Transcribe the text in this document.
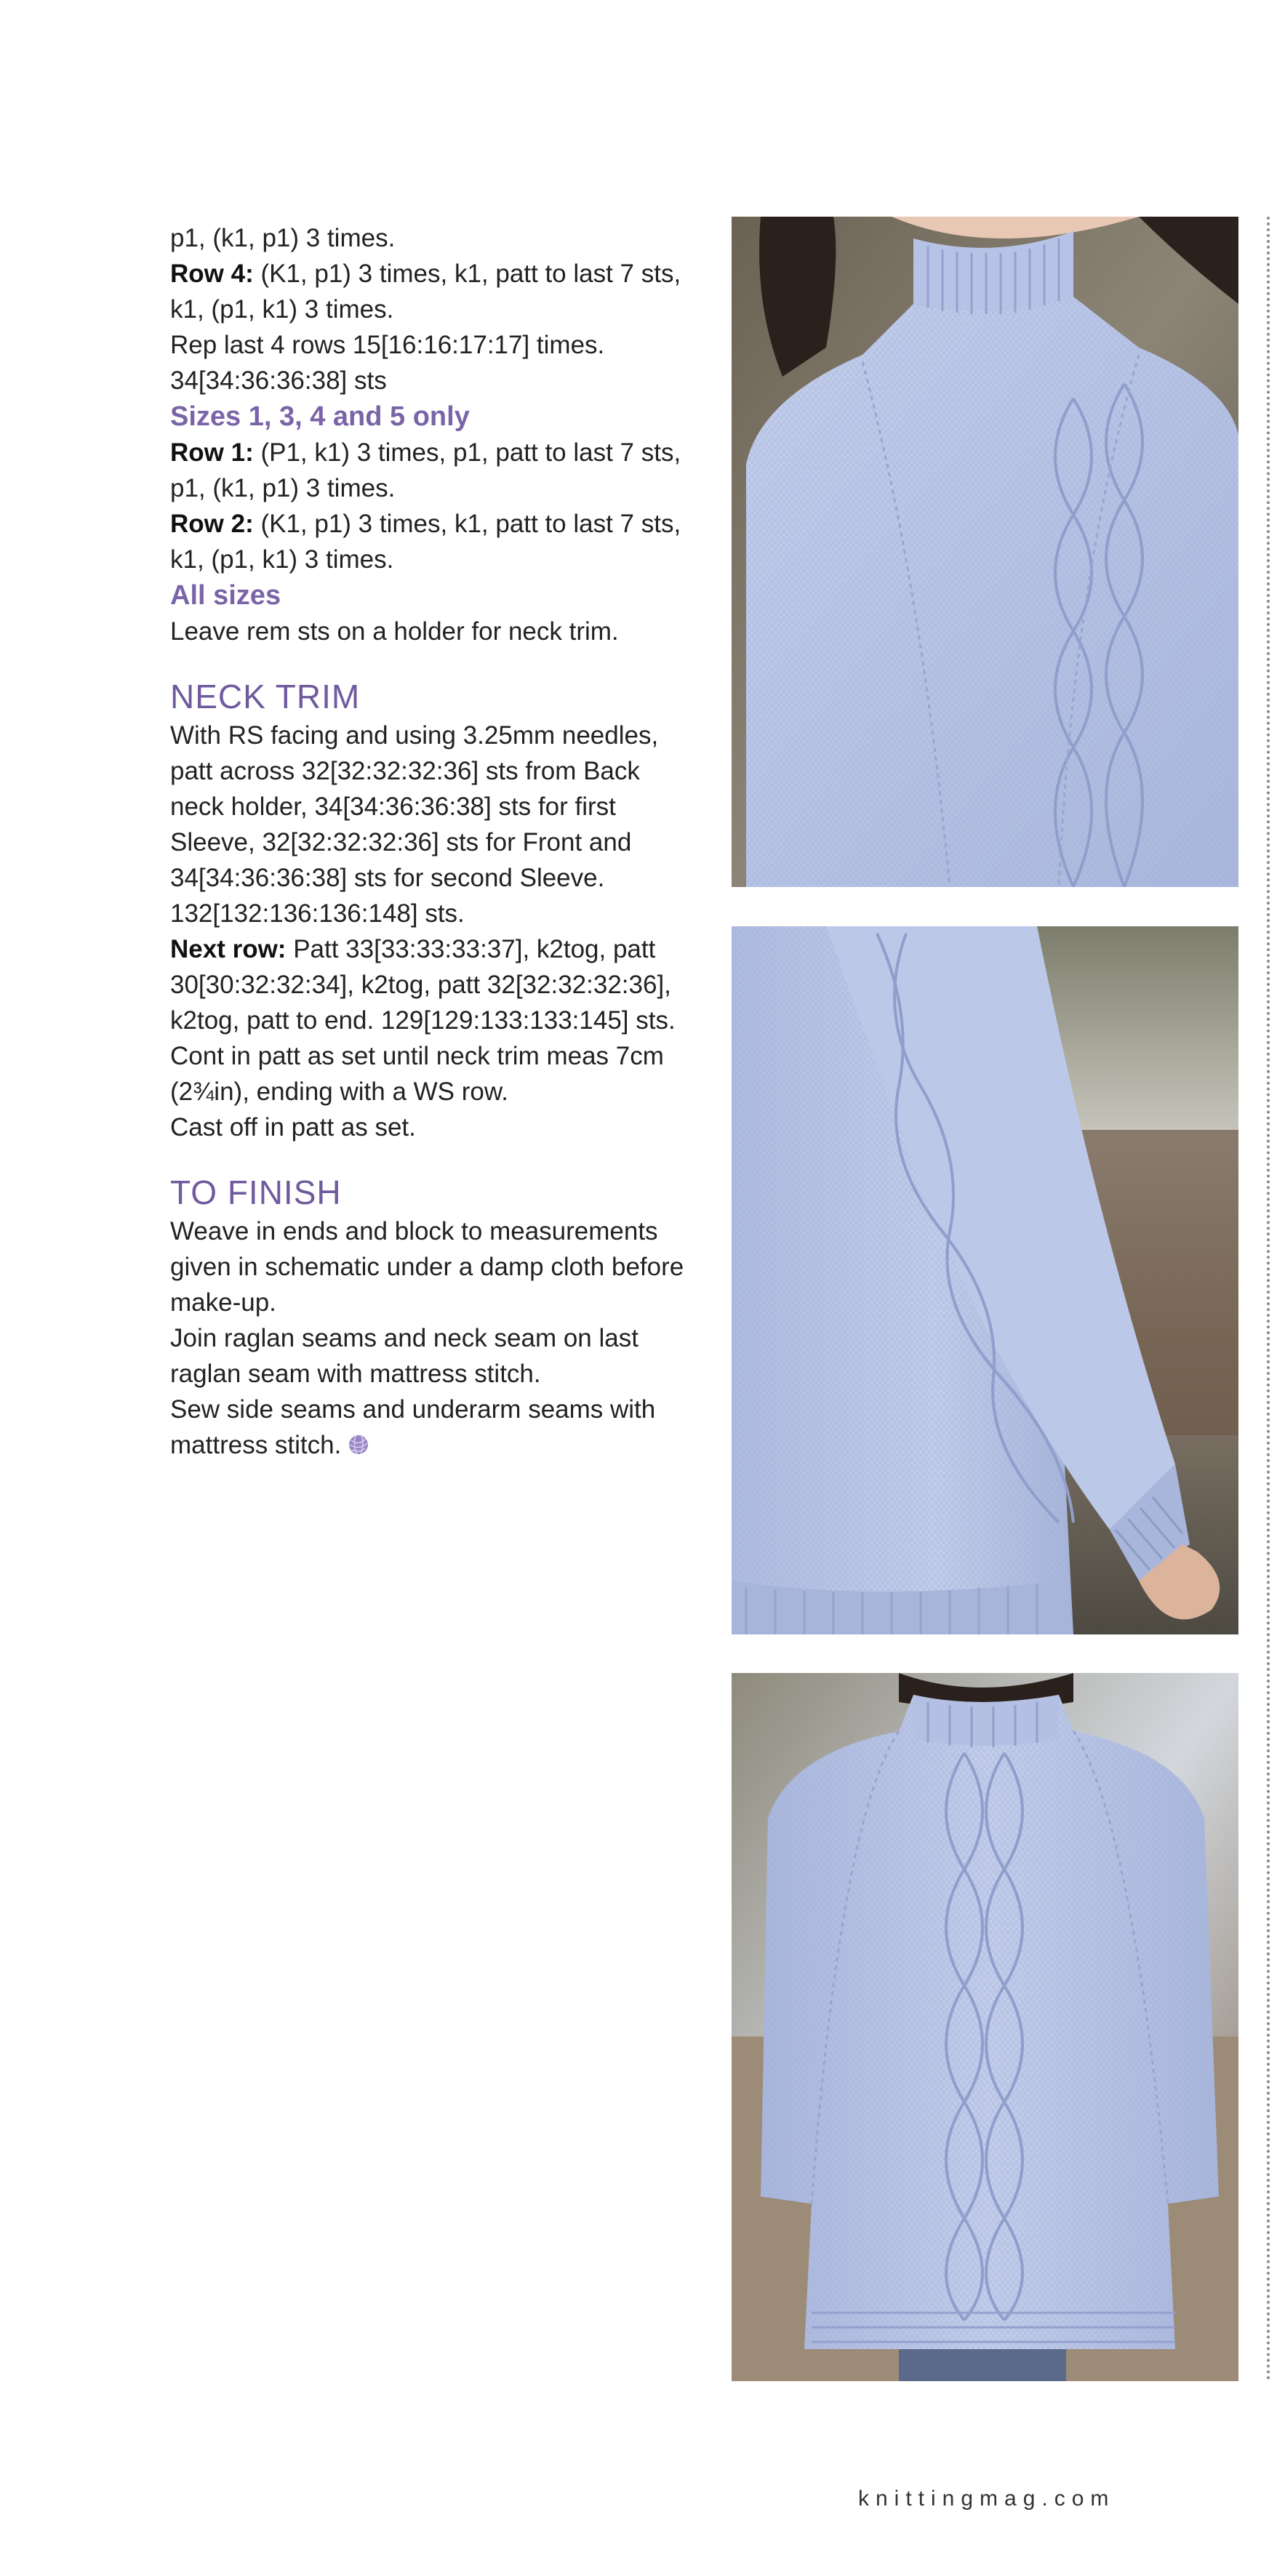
p1, (k1, p1) 3 times.

Row 4: (K1, p1) 3 times, k1, patt to last 7 sts, k1, (p1, k1) 3 times.

Rep last 4 rows 15[16:16:17:17] times.

34[34:36:36:38] sts

Sizes 1, 3, 4 and 5 only

Row 1: (P1, k1) 3 times, p1, patt to last 7 sts, p1, (k1, p1) 3 times.

Row 2: (K1, p1) 3 times, k1, patt to last 7 sts, k1, (p1, k1) 3 times.

All sizes

Leave rem sts on a holder for neck trim.

NECK TRIM

With RS facing and using 3.25mm needles, patt across 32[32:32:32:36] sts from Back neck holder, 34[34:36:36:38] sts for first Sleeve, 32[32:32:32:36] sts for Front and 34[34:36:36:38] sts for second Sleeve. 132[132:136:136:148] sts.

Next row: Patt 33[33:33:33:37], k2tog, patt 30[30:32:32:34], k2tog, patt 32[32:32:32:36], k2tog, patt to end. 129[129:133:133:145] sts.

Cont in patt as set until neck trim meas 7cm (2¾in), ending with a WS row.

Cast off in patt as set.

TO FINISH

Weave in ends and block to measurements given in schematic under a damp cloth before make-up.

Join raglan seams and neck seam on last raglan seam with mattress stitch.

Sew side seams and underarm seams with mattress stitch.

knittingmag.com
